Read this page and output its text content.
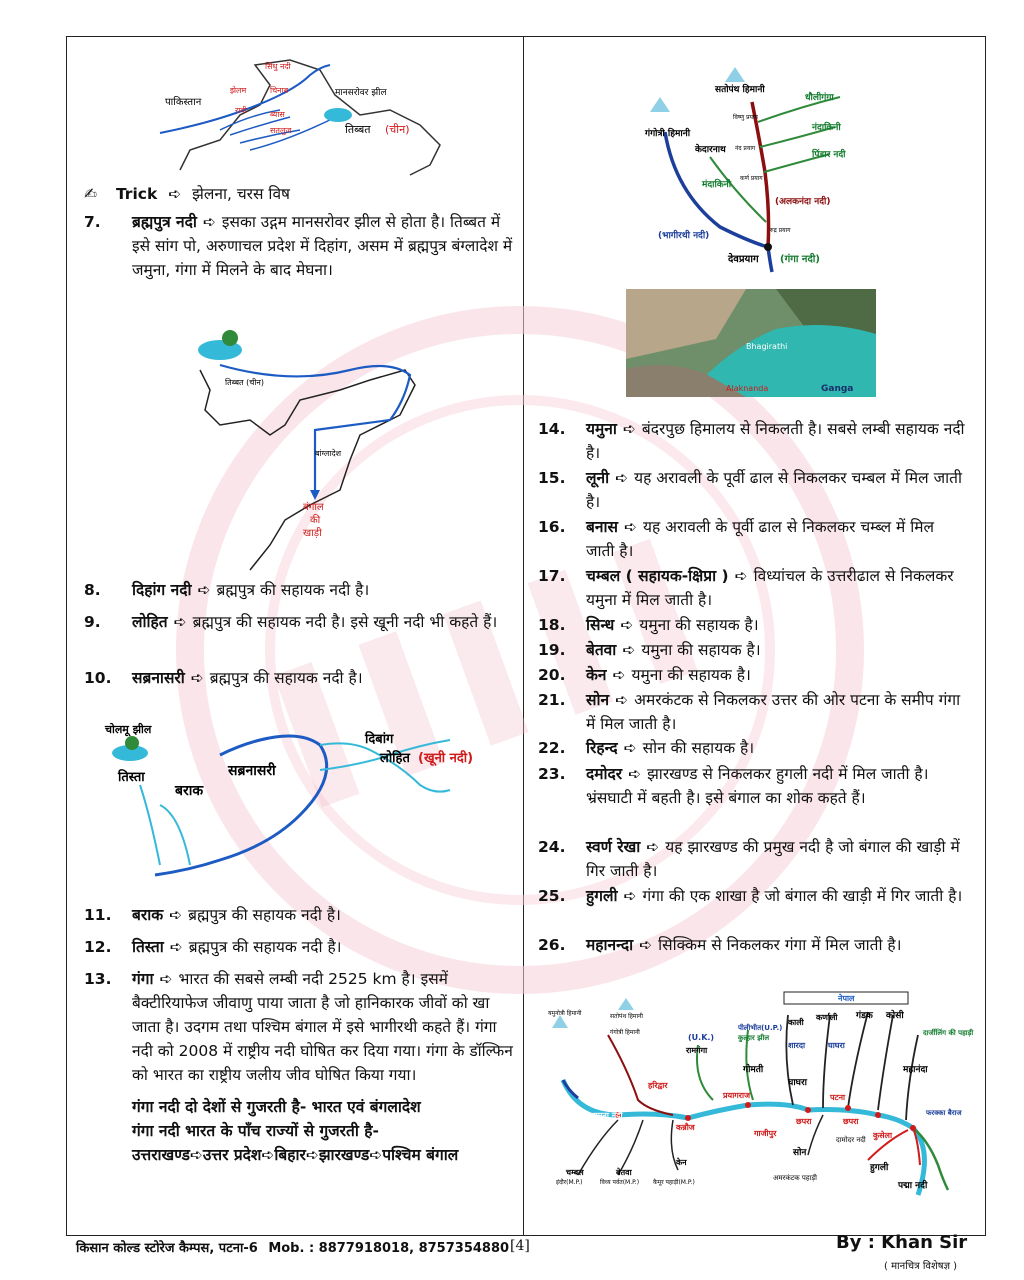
पाकिस्तान
सिंधु नदी
झेलम	चिनाब
रावी	ब्यास
सतलुज
मानसरोवर झील
तिब्बत (चीन)
✍ Trick ➪ झेलना, चरस विष
7.	ब्रह्मपुत्र नदी ➪ इसका उद्गम मानसरोवर झील से होता है। तिब्बत में इसे सांग पो, अरुणाचल प्रदेश में दिहांग, असम में ब्रह्मपुत्र बंग्लादेश में जमुना, गंगा में मिलने के बाद मेघना।
तिब्बत (चीन)
बांग्लादेश
बंगाल
की
खाड़ी
8.	दिहांग नदी ➪ ब्रह्मपुत्र की सहायक नदी है।
9.	लोहित ➪ ब्रह्मपुत्र की सहायक नदी है। इसे खूनी नदी भी कहते हैं।
10.	सब्रनासरी ➪ ब्रह्मपुत्र की सहायक नदी है।
चोलमू झील
तिस्ता
बराक
सब्रनासरी
दिबांग
लोहित (खूनी नदी)
11.	बराक ➪ ब्रह्मपुत्र की सहायक नदी है।
12.	तिस्ता ➪ ब्रह्मपुत्र की सहायक नदी है।
13.	गंगा ➪ भारत की सबसे लम्बी नदी 2525 km है। इसमें बैक्टीरियाफेज जीवाणु पाया जाता है जो हानिकारक जीवों को खा जाता है। उदगम तथा पश्चिम बंगाल में इसे भागीरथी कहते हैं। गंगा नदी को 2008 में राष्ट्रीय नदी घोषित कर दिया गया। गंगा के डॉल्फिन को भारत का राष्ट्रीय जलीय जीव घोषित किया गया।
गंगा नदी दो देशों से गुजरती है- भारत एवं बंगलादेश
गंगा नदी भारत के पाँच राज्यों से गुजरती है-
उत्तराखण्ड➪उत्तर प्रदेश➪बिहार➪झारखण्ड➪पश्चिम बंगाल
सतोपंथ हिमानी
धौलीगंगा
गंगोत्री हिमानी
विष्णु प्रयाग
नंदाकिनी
केदारनाथ नंद प्रयाग
पिंडार नदी
कर्ण प्रयाग
मंदाकिनी
(अलकनंदा नदी)
रुद्र प्रयाग
(भागीरथी नदी)
देवप्रयाग (गंगा नदी)
Bhagirathi
Alaknanda	Ganga
14.	यमुना ➪ बंदरपुछ हिमालय से निकलती है। सबसे लम्बी सहायक नदी है।
15.	लूनी ➪ यह अरावली के पूर्वी ढाल से निकलकर चम्बल में मिल जाती है।
16.	बनास ➪ यह अरावली के पूर्वी ढाल से निकलकर चम्ब्ल में मिल जाती है।
17.	चम्बल ( सहायक-क्षिप्रा ) ➪ विध्यांचल के उत्तरीढाल से निकलकर यमुना में मिल जाती है।
18.	सिन्ध ➪ यमुना की सहायक है।
19.	बेतवा ➪ यमुना की सहायक है।
20.	केन ➪ यमुना की सहायक है।
21.	सोन ➪ अमरकंटक से निकलकर उत्तर की ओर पटना के समीप गंगा में मिल जाती है।
22.	रिहन्द ➪ सोन की सहायक है।
23.	दमोदर ➪ झारखण्ड से निकलकर हुगली नदी में मिल जाती है। भ्रंसघाटी में बहती है। इसे बंगाल का शोक कहते हैं।
24.	स्वर्ण रेखा ➪ यह झारखण्ड की प्रमुख नदी है जो बंगाल की खाड़ी में गिर जाती है।
25.	हुगली ➪ गंगा की एक शाखा है जो बंगाल की खाड़ी में गिर जाती है।
26.	महानन्दा ➪ सिक्किम से निकलकर गंगा में मिल जाती है।
नेपाल
यमुनोत्री हिमानी	सतोपंथ हिमानी
गंगोत्री हिमानी
(U.K.)
रामगंगा
पीलीभीत(U.P.)
कुल्हार झील
काली
कर्णाली गंडक कोसी
दार्जीलिंग की पहाड़ी
शारदा	घाघरा
गोमती
घाघरा
महानंदा
हरिद्वार
यमुना नदी
प्रयागराज
कन्नौज
पटना
छपरा
गाजीपुर
छपरा
फरक्का बैराज
कुसेला
दामोदर नदी
सोन
हुगली
अमरकंटक पहाड़ी
पद्मा नदी
चम्बल
इंदौर(M.P.)
बेतवा
विध्य पर्वत(M.P.)
केन
कैमूर पहाड़ी(M.P.)
किसान कोल्ड स्टोरेज कैम्पस, पटना-6 Mob. : 8877918018, 8757354880 [4]	By : Khan Sir
( मानचित्र विशेषज्ञ )
